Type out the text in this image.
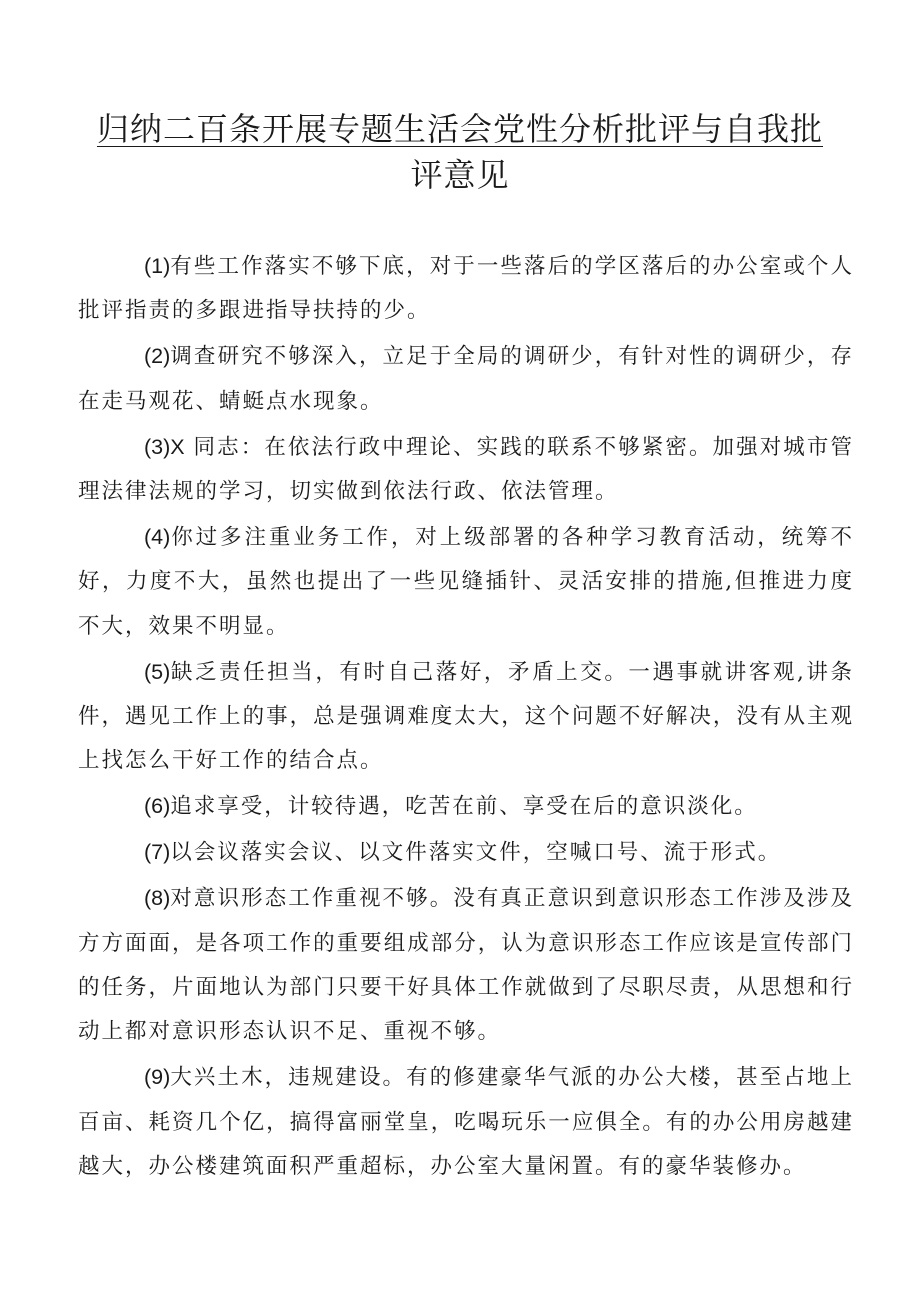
归纳二百条开展专题生活会党性分析批评与自我批
评意见

(1)有些工作落实不够下底，对于一些落后的学区落后的办公室或个人批评指责的多跟进指导扶持的少。

(2)调查研究不够深入，立足于全局的调研少，有针对性的调研少，存在走马观花、蜻蜓点水现象。

(3)X 同志：在依法行政中理论、实践的联系不够紧密。加强对城市管理法律法规的学习，切实做到依法行政、依法管理。

(4)你过多注重业务工作，对上级部署的各种学习教育活动，统筹不好，力度不大，虽然也提出了一些见缝插针、灵活安排的措施,但推进力度不大，效果不明显。

(5)缺乏责任担当，有时自己落好，矛盾上交。一遇事就讲客观,讲条件，遇见工作上的事，总是强调难度太大，这个问题不好解决，没有从主观上找怎么干好工作的结合点。

(6)追求享受，计较待遇，吃苦在前、享受在后的意识淡化。

(7)以会议落实会议、以文件落实文件，空喊口号、流于形式。

(8)对意识形态工作重视不够。没有真正意识到意识形态工作涉及涉及方方面面，是各项工作的重要组成部分，认为意识形态工作应该是宣传部门的任务，片面地认为部门只要干好具体工作就做到了尽职尽责，从思想和行动上都对意识形态认识不足、重视不够。

(9)大兴土木，违规建设。有的修建豪华气派的办公大楼，甚至占地上百亩、耗资几个亿，搞得富丽堂皇，吃喝玩乐一应俱全。有的办公用房越建越大，办公楼建筑面积严重超标，办公室大量闲置。有的豪华装修办。
